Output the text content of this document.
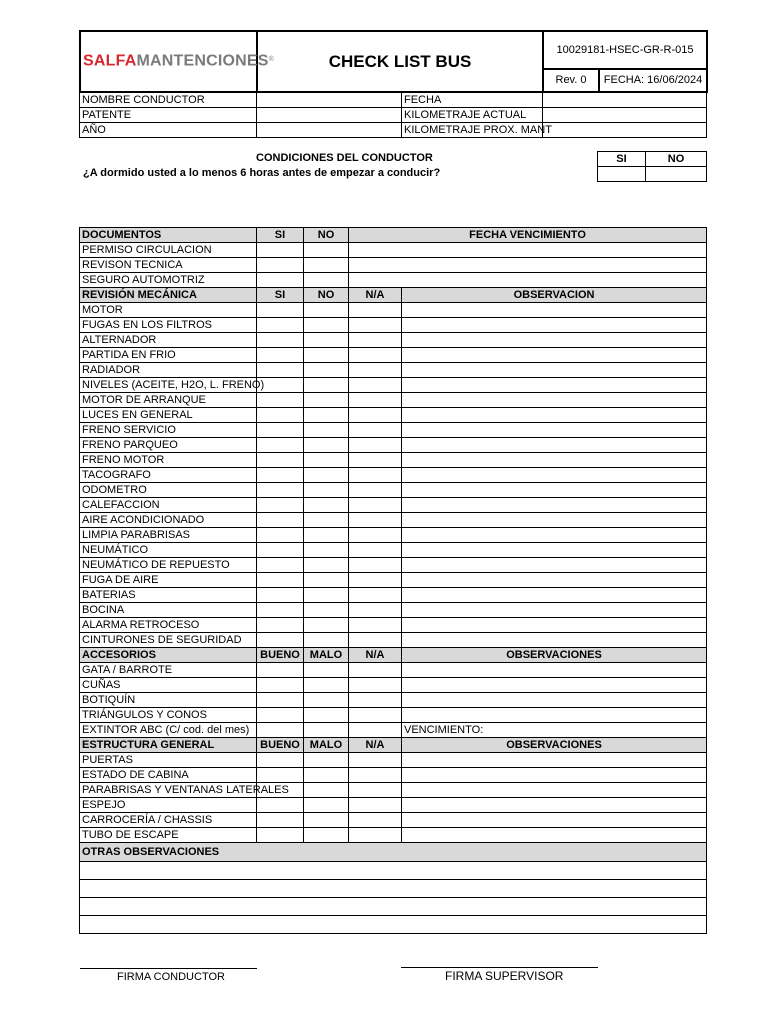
SALFAMANTENCIONES®	CHECK LIST BUS	10029181-HSEC-GR-R-015	
		Rev. 0	FECHA: 16/06/2024
NOMBRE CONDUCTOR		FECHA	
PATENTE		KILOMETRAJE ACTUAL	
AÑO		KILOMETRAJE PROX. MANT	
CONDICIONES DEL CONDUCTOR
¿A dormido usted a lo menos 6 horas antes de empezar a conducir?
SI	NO

DOCUMENTOS	SI	NO	FECHA VENCIMIENTO	
PERMISO CIRCULACION				
REVISON TECNICA				
SEGURO AUTOMOTRIZ				
REVISIÓN MECÁNICA	SI	NO	N/A	OBSERVACION
MOTOR				
FUGAS EN LOS FILTROS				
ALTERNADOR				
PARTIDA EN FRIO				
RADIADOR				
NIVELES (ACEITE, H2O, L. FRENO)				
MOTOR DE ARRANQUE				
LUCES EN GENERAL				
FRENO SERVICIO				
FRENO PARQUEO				
FRENO MOTOR				
TACOGRAFO				
ODOMETRO				
CALEFACCION				
AIRE ACONDICIONADO				
LIMPIA PARABRISAS				
NEUMÁTICO				
NEUMÁTICO DE REPUESTO				
FUGA DE AIRE				
BATERIAS				
BOCINA				
ALARMA RETROCESO				
CINTURONES DE SEGURIDAD				
ACCESORIOS	BUENO	MALO	N/A	OBSERVACIONES
GATA / BARROTE				
CUÑAS				
BOTIQUÍN				
TRIÁNGULOS Y CONOS				
EXTINTOR ABC (C/ cod. del mes)				VENCIMIENTO:
ESTRUCTURA GENERAL	BUENO	MALO	N/A	OBSERVACIONES
PUERTAS				
ESTADO DE CABINA				
PARABRISAS Y VENTANAS LATERALES				
ESPEJO				
CARROCERÍA / CHASSIS				
TUBO DE ESCAPE				
OTRAS OBSERVACIONES				

FIRMA CONDUCTOR	FIRMA SUPERVISOR
